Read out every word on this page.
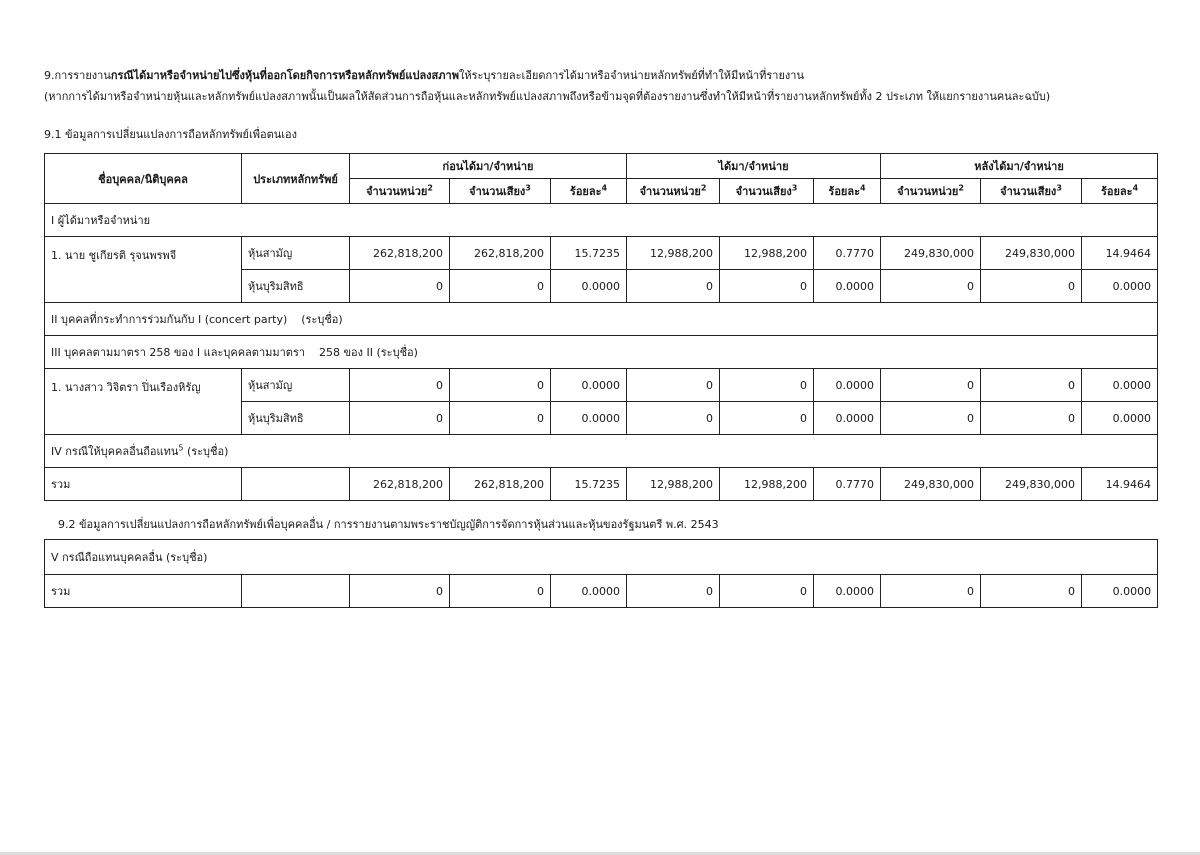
9.การรายงานกรณีได้มาหรือจำหน่ายไปซึ่งหุ้นที่ออกโดยกิจการหรือหลักทรัพย์แปลงสภาพให้ระบุรายละเอียดการได้มาหรือจำหน่ายหลักทรัพย์ที่ทำให้มีหน้าที่รายงาน
(หากการได้มาหรือจำหน่ายหุ้นและหลักทรัพย์แปลงสภาพนั้นเป็นผลให้สัดส่วนการถือหุ้นและหลักทรัพย์แปลงสภาพถึงหรือข้ามจุดที่ต้องรายงานซึ่งทำให้มีหน้าที่รายงานหลักทรัพย์ทั้ง 2 ประเภท ให้แยกรายงานคนละฉบับ)
9.1 ข้อมูลการเปลี่ยนแปลงการถือหลักทรัพย์เพื่อตนเอง
ชื่อบุคคล/นิติบุคคล	ประเภทหลักทรัพย์	ก่อนได้มา/จำหน่าย			ได้มา/จำหน่าย			หลังได้มา/จำหน่าย		
		จำนวนหน่วย$^2$	จำนวนเสียง$^3$	ร้อยละ$^4$	จำนวนหน่วย$^2$	จำนวนเสียง$^3$	ร้อยละ$^4$	จำนวนหน่วย$^2$	จำนวนเสียง$^3$	ร้อยละ$^4$
I ผู้ได้มาหรือจำหน่าย										
1. นาย ชูเกียรติ รุจนพรพจี	หุ้นสามัญ	262,818,200	262,818,200	15.7235	12,988,200	12,988,200	0.7770	249,830,000	249,830,000	14.9464
	หุ้นบุริมสิทธิ	0	0	0.0000	0	0	0.0000	0	0	0.0000
II บุคคลที่กระทำการร่วมกันกับ I (concert party)    (ระบุชื่อ)										
III บุคคลตามมาตรา 258 ของ I และบุคคลตามมาตรา    258 ของ II (ระบุชื่อ)										
1. นางสาว วิจิตรา ปิ่นเรืองหิรัญ	หุ้นสามัญ	0	0	0.0000	0	0	0.0000	0	0	0.0000
	หุ้นบุริมสิทธิ	0	0	0.0000	0	0	0.0000	0	0	0.0000
IV กรณีให้บุคคลอื่นถือแทน$^5$ (ระบุชื่อ)										
รวม		262,818,200	262,818,200	15.7235	12,988,200	12,988,200	0.7770	249,830,000	249,830,000	14.9464
9.2 ข้อมูลการเปลี่ยนแปลงการถือหลักทรัพย์เพื่อบุคคลอื่น / การรายงานตามพระราชบัญญัติการจัดการหุ้นส่วนและหุ้นของรัฐมนตรี พ.ศ. 2543
V กรณีถือแทนบุคคลอื่น (ระบุชื่อ)
รวม		0	0	0.0000	0	0	0.0000	0	0	0.0000
